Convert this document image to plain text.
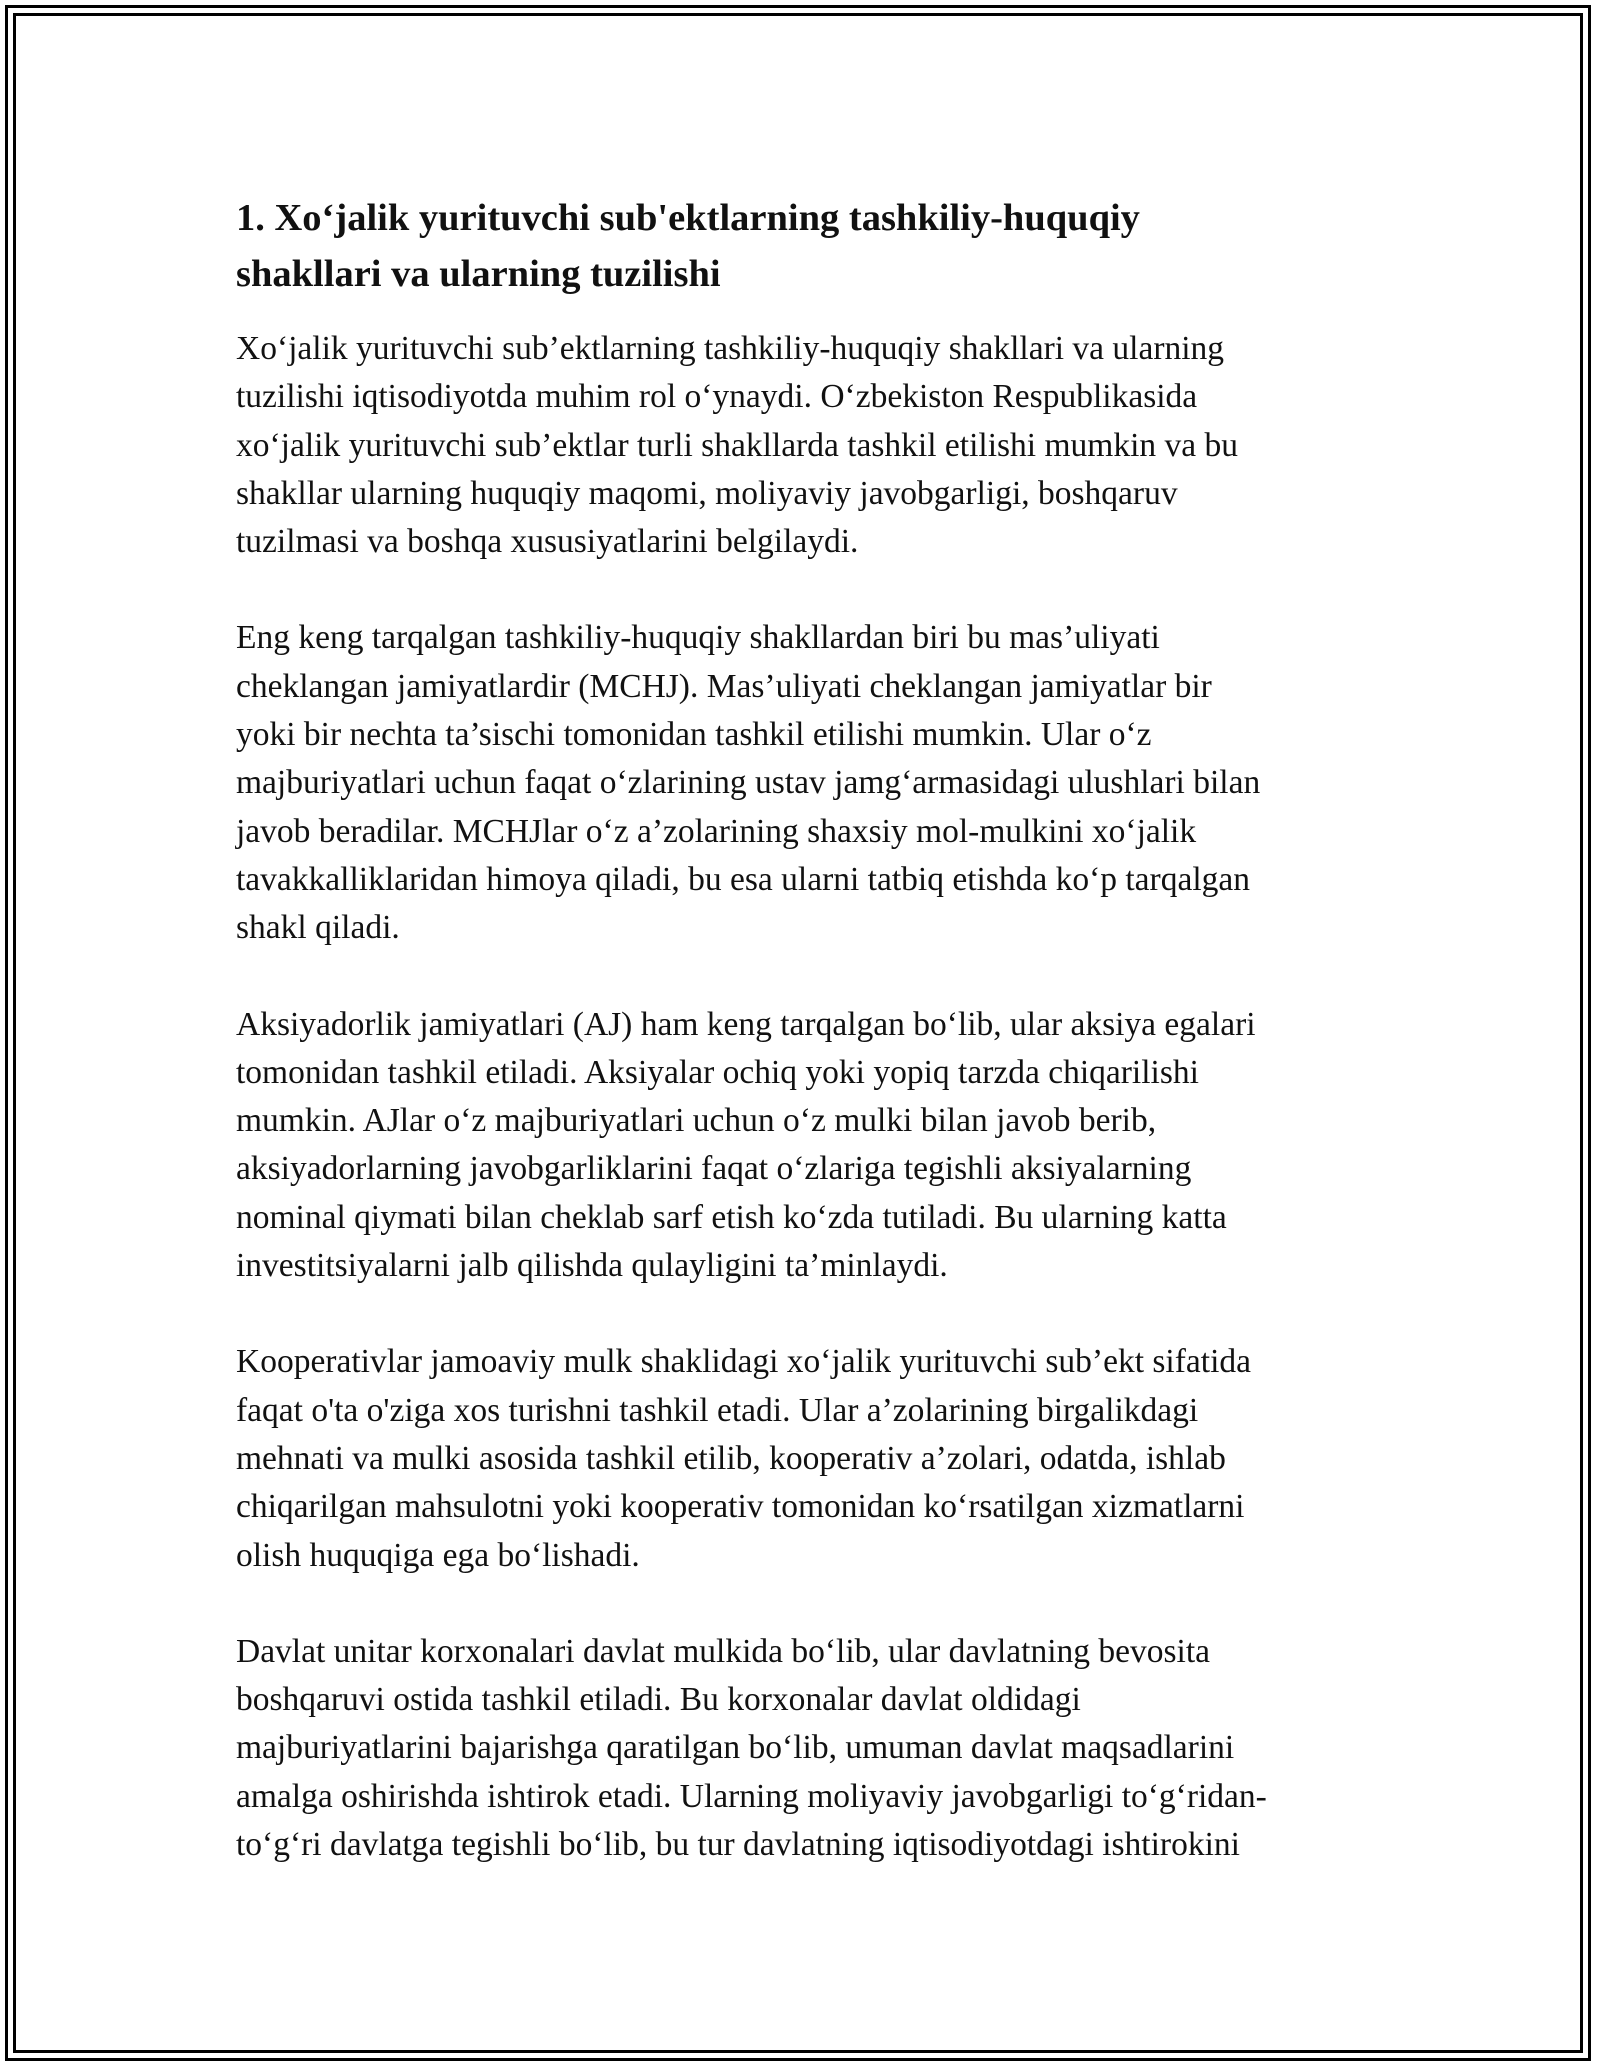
1. Xo‘jalik yurituvchi sub'ektlarning tashkiliy-huquqiy
shakllari va ularning tuzilishi

Xo‘jalik yurituvchi sub’ektlarning tashkiliy-huquqiy shakllari va ularning
tuzilishi iqtisodiyotda muhim rol o‘ynaydi. O‘zbekiston Respublikasida
xo‘jalik yurituvchi sub’ektlar turli shakllarda tashkil etilishi mumkin va bu
shakllar ularning huquqiy maqomi, moliyaviy javobgarligi, boshqaruv
tuzilmasi va boshqa xususiyatlarini belgilaydi.

Eng keng tarqalgan tashkiliy-huquqiy shakllardan biri bu mas’uliyati
cheklangan jamiyatlardir (MCHJ). Mas’uliyati cheklangan jamiyatlar bir
yoki bir nechta ta’sischi tomonidan tashkil etilishi mumkin. Ular o‘z
majburiyatlari uchun faqat o‘zlarining ustav jamg‘armasidagi ulushlari bilan
javob beradilar. MCHJlar o‘z a’zolarining shaxsiy mol-mulkini xo‘jalik
tavakkalliklaridan himoya qiladi, bu esa ularni tatbiq etishda ko‘p tarqalgan
shakl qiladi.

Aksiyadorlik jamiyatlari (AJ) ham keng tarqalgan bo‘lib, ular aksiya egalari
tomonidan tashkil etiladi. Aksiyalar ochiq yoki yopiq tarzda chiqarilishi
mumkin. AJlar o‘z majburiyatlari uchun o‘z mulki bilan javob berib,
aksiyadorlarning javobgarliklarini faqat o‘zlariga tegishli aksiyalarning
nominal qiymati bilan cheklab sarf etish ko‘zda tutiladi. Bu ularning katta
investitsiyalarni jalb qilishda qulayligini ta’minlaydi.

Kooperativlar jamoaviy mulk shaklidagi xo‘jalik yurituvchi sub’ekt sifatida
faqat o'ta o'ziga xos turishni tashkil etadi. Ular a’zolarining birgalikdagi
mehnati va mulki asosida tashkil etilib, kooperativ a’zolari, odatda, ishlab
chiqarilgan mahsulotni yoki kooperativ tomonidan ko‘rsatilgan xizmatlarni
olish huquqiga ega bo‘lishadi.

Davlat unitar korxonalari davlat mulkida bo‘lib, ular davlatning bevosita
boshqaruvi ostida tashkil etiladi. Bu korxonalar davlat oldidagi
majburiyatlarini bajarishga qaratilgan bo‘lib, umuman davlat maqsadlarini
amalga oshirishda ishtirok etadi. Ularning moliyaviy javobgarligi to‘g‘ridan-
to‘g‘ri davlatga tegishli bo‘lib, bu tur davlatning iqtisodiyotdagi ishtirokini
